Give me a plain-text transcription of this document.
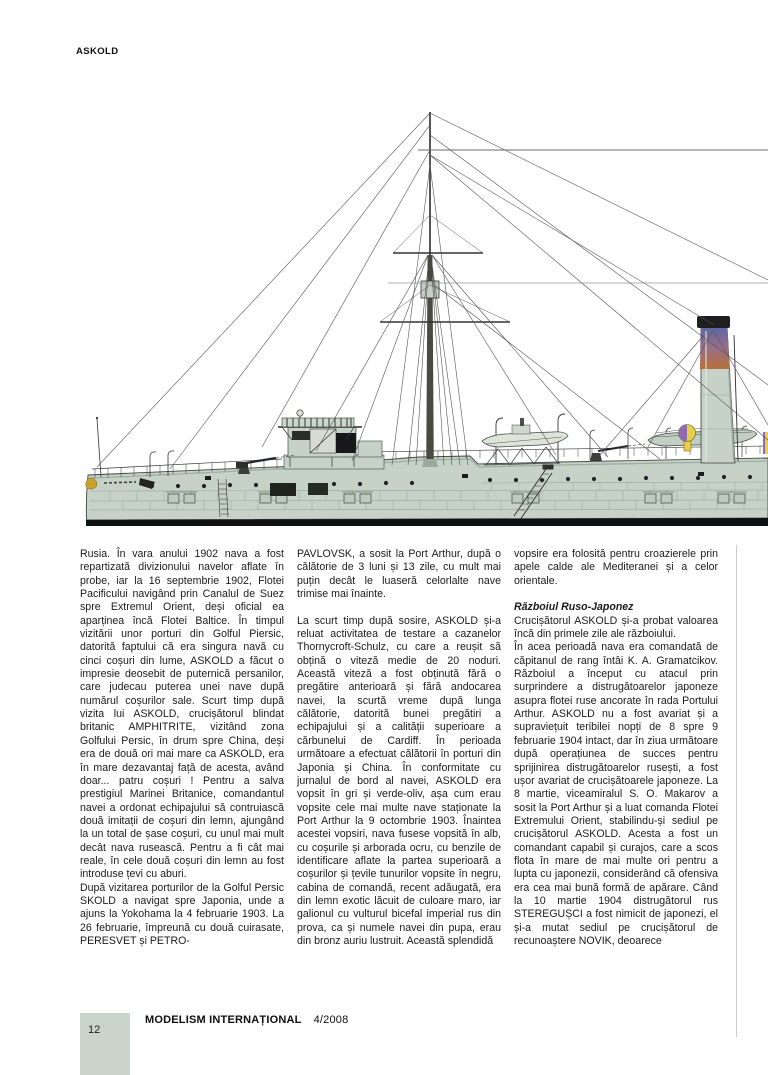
ASKOLD

Rusia. În vara anului 1902 nava a fost repartizată divizionului navelor aflate în probe, iar la 16 septembrie 1902, Flotei Pacificului navigând prin Canalul de Suez spre Extremul Orient, deși oficial ea aparținea încă Flotei Baltice. În timpul vizitării unor porturi din Golful Piersic, datorită faptului că era singura navă cu cinci coșuri din lume, ASKOLD a făcut o impresie deosebit de puternică persanilor, care judecau puterea unei nave după numărul coșurilor sale. Scurt timp după vizita lui ASKOLD, crucișătorul blindat britanic AMPHITRITE, vizitând zona Golfului Persic, în drum spre China, deși era de două ori mai mare ca ASKOLD, era în mare dezavantaj față de acesta, având doar... patru coșuri ! Pentru a salva prestigiul Marinei Britanice, comandantul navei a ordonat echipajului să contruiască două imitații de coșuri din lemn, ajungând la un total de șase coșuri, cu unul mai mult decât nava rusească. Pentru a fi cât mai reale, în cele două coșuri din lemn au fost introduse țevi cu aburi.

După vizitarea porturilor de la Golful Persic SKOLD a navigat spre Japonia, unde a ajuns la Yokohama la 4 februarie 1903. La 26 februarie, împreună cu două cuirasate, PERESVET și PETRO-

PAVLOVSK, a sosit la Port Arthur, după o călătorie de 3 luni și 13 zile, cu mult mai puțin decât le luaseră celorlalte nave trimise mai înainte.

La scurt timp după sosire, ASKOLD și-a reluat activitatea de testare a cazanelor Thornycroft-Schulz, cu care a reușit să obțină o viteză medie de 20 noduri. Această viteză a fost obținută fără o pregătire anterioară și fără andocarea navei, la scurtă vreme după lunga călătorie, datorită bunei pregătiri a echipajului și a calității superioare a cărbunelui de Cardiff. În perioada următoare a efectuat călătorii în porturi din Japonia și China. În conformitate cu jurnalul de bord al navei, ASKOLD era vopsit în gri și verde-oliv, așa cum erau vopsite cele mai multe nave staționate la Port Arthur la 9 octombrie 1903. Înaintea acestei vopsiri, nava fusese vopsită în alb, cu coșurile și arborada ocru, cu benzile de identificare aflate la partea superioară a coșurilor și țevile tunurilor vopsite în negru, cabina de comandă, recent adăugată, era din lemn exotic lăcuit de culoare maro, iar galionul cu vulturul bicefal imperial rus din prova, ca și numele navei din pupa, erau din bronz auriu lustruit. Această splendidă

vopsire era folosită pentru croazierele prin apele calde ale Mediteranei și a celor orientale.

Războiul Ruso-Japonez

Crucișătorul ASKOLD și-a probat valoarea încă din primele zile ale războiului.

În acea perioadă nava era comandată de căpitanul de rang întâi K. A. Gramatcikov. Războiul a început cu atacul prin surprindere a distrugătoarelor japoneze asupra flotei ruse ancorate în rada Portului Arthur. ASKOLD nu a fost avariat și a supraviețuit teribilei nopți de 8 spre 9 februarie 1904 intact, dar în ziua următoare după operațiunea de succes pentru sprijinirea distrugătoarelor rusești, a fost ușor avariat de crucișătoarele japoneze. La 8 martie, viceamiralul S. O. Makarov a sosit la Port Arthur și a luat comanda Flotei Extremului Orient, stabilindu-și sediul pe crucișătorul ASKOLD. Acesta a fost un comandant capabil și curajos, care a scos flota în mare de mai multe ori pentru a lupta cu japonezii, considerând că ofensiva era cea mai bună formă de apărare. Când la 10 martie 1904 distrugătorul rus STEREGUȘCI a fost nimicit de japonezi, el și-a mutat sediul pe crucișătorul de recunoaștere NOVIK, deoarece

12
MODELISM INTERNAȚIONAL 4/2008
